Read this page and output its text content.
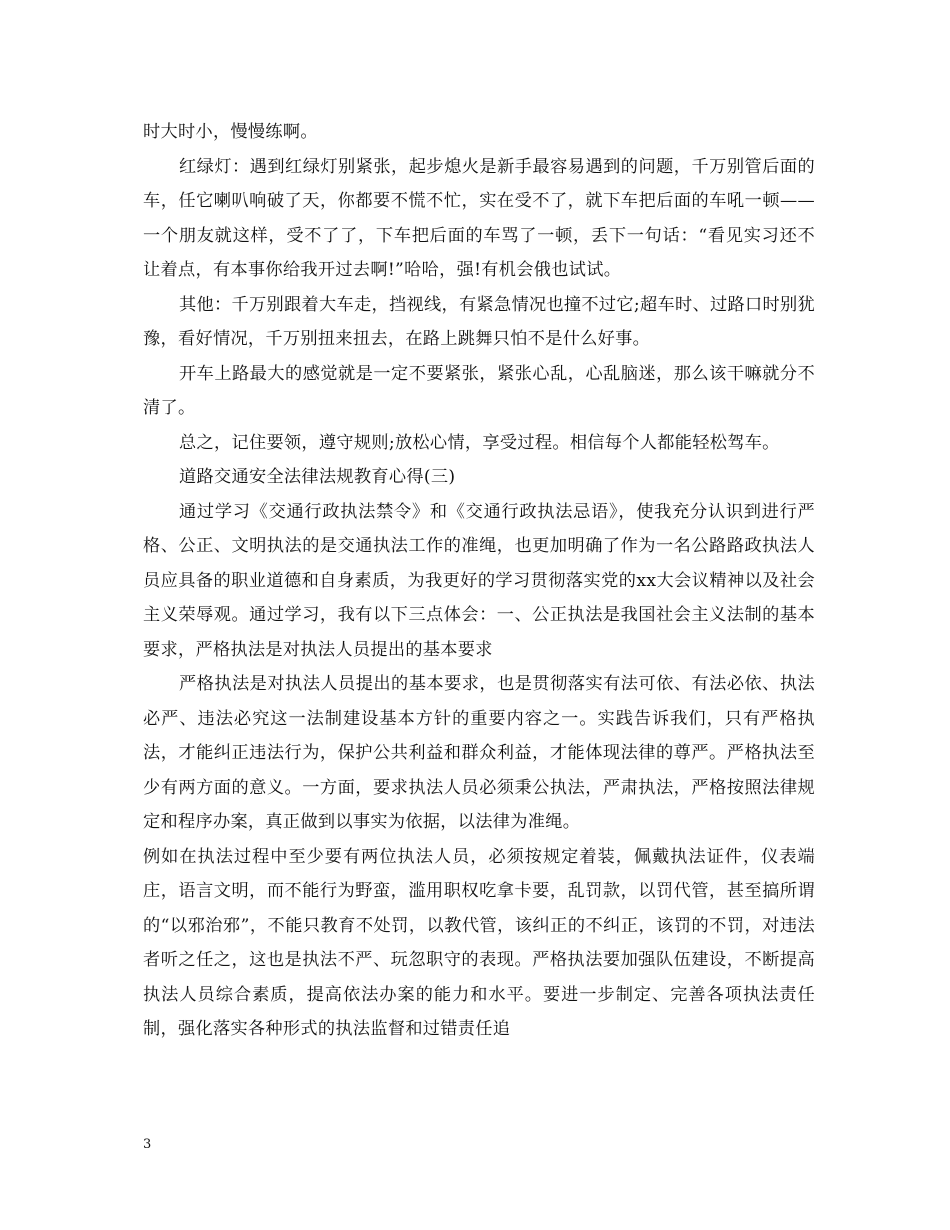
时大时小，慢慢练啊。

红绿灯：遇到红绿灯别紧张，起步熄火是新手最容易遇到的问题，千万别管后面的车，任它喇叭响破了天，你都要不慌不忙，实在受不了，就下车把后面的车吼一顿——一个朋友就这样，受不了了，下车把后面的车骂了一顿，丢下一句话：“看见实习还不让着点，有本事你给我开过去啊!”哈哈，强!有机会俄也试试。

其他：千万别跟着大车走，挡视线，有紧急情况也撞不过它;超车时、过路口时别犹豫，看好情况，千万别扭来扭去，在路上跳舞只怕不是什么好事。

开车上路最大的感觉就是一定不要紧张，紧张心乱，心乱脑迷，那么该干嘛就分不清了。

总之，记住要领，遵守规则;放松心情，享受过程。相信每个人都能轻松驾车。

道路交通安全法律法规教育心得(三)

通过学习《交通行政执法禁令》和《交通行政执法忌语》，使我充分认识到进行严格、公正、文明执法的是交通执法工作的准绳，也更加明确了作为一名公路路政执法人员应具备的职业道德和自身素质，为我更好的学习贯彻落实党的xx大会议精神以及社会主义荣辱观。通过学习，我有以下三点体会：一、公正执法是我国社会主义法制的基本要求，严格执法是对执法人员提出的基本要求

严格执法是对执法人员提出的基本要求，也是贯彻落实有法可依、有法必依、执法必严、违法必究这一法制建设基本方针的重要内容之一。实践告诉我们，只有严格执法，才能纠正违法行为，保护公共利益和群众利益，才能体现法律的尊严。严格执法至少有两方面的意义。一方面，要求执法人员必须秉公执法，严肃执法，严格按照法律规定和程序办案，真正做到以事实为依据，以法律为准绳。

例如在执法过程中至少要有两位执法人员，必须按规定着装，佩戴执法证件，仪表端庄，语言文明，而不能行为野蛮，滥用职权吃拿卡要，乱罚款，以罚代管，甚至搞所谓的“以邪治邪”，不能只教育不处罚，以教代管，该纠正的不纠正，该罚的不罚，对违法者听之任之，这也是执法不严、玩忽职守的表现。严格执法要加强队伍建设，不断提高执法人员综合素质，提高依法办案的能力和水平。要进一步制定、完善各项执法责任制，强化落实各种形式的执法监督和过错责任追

3
